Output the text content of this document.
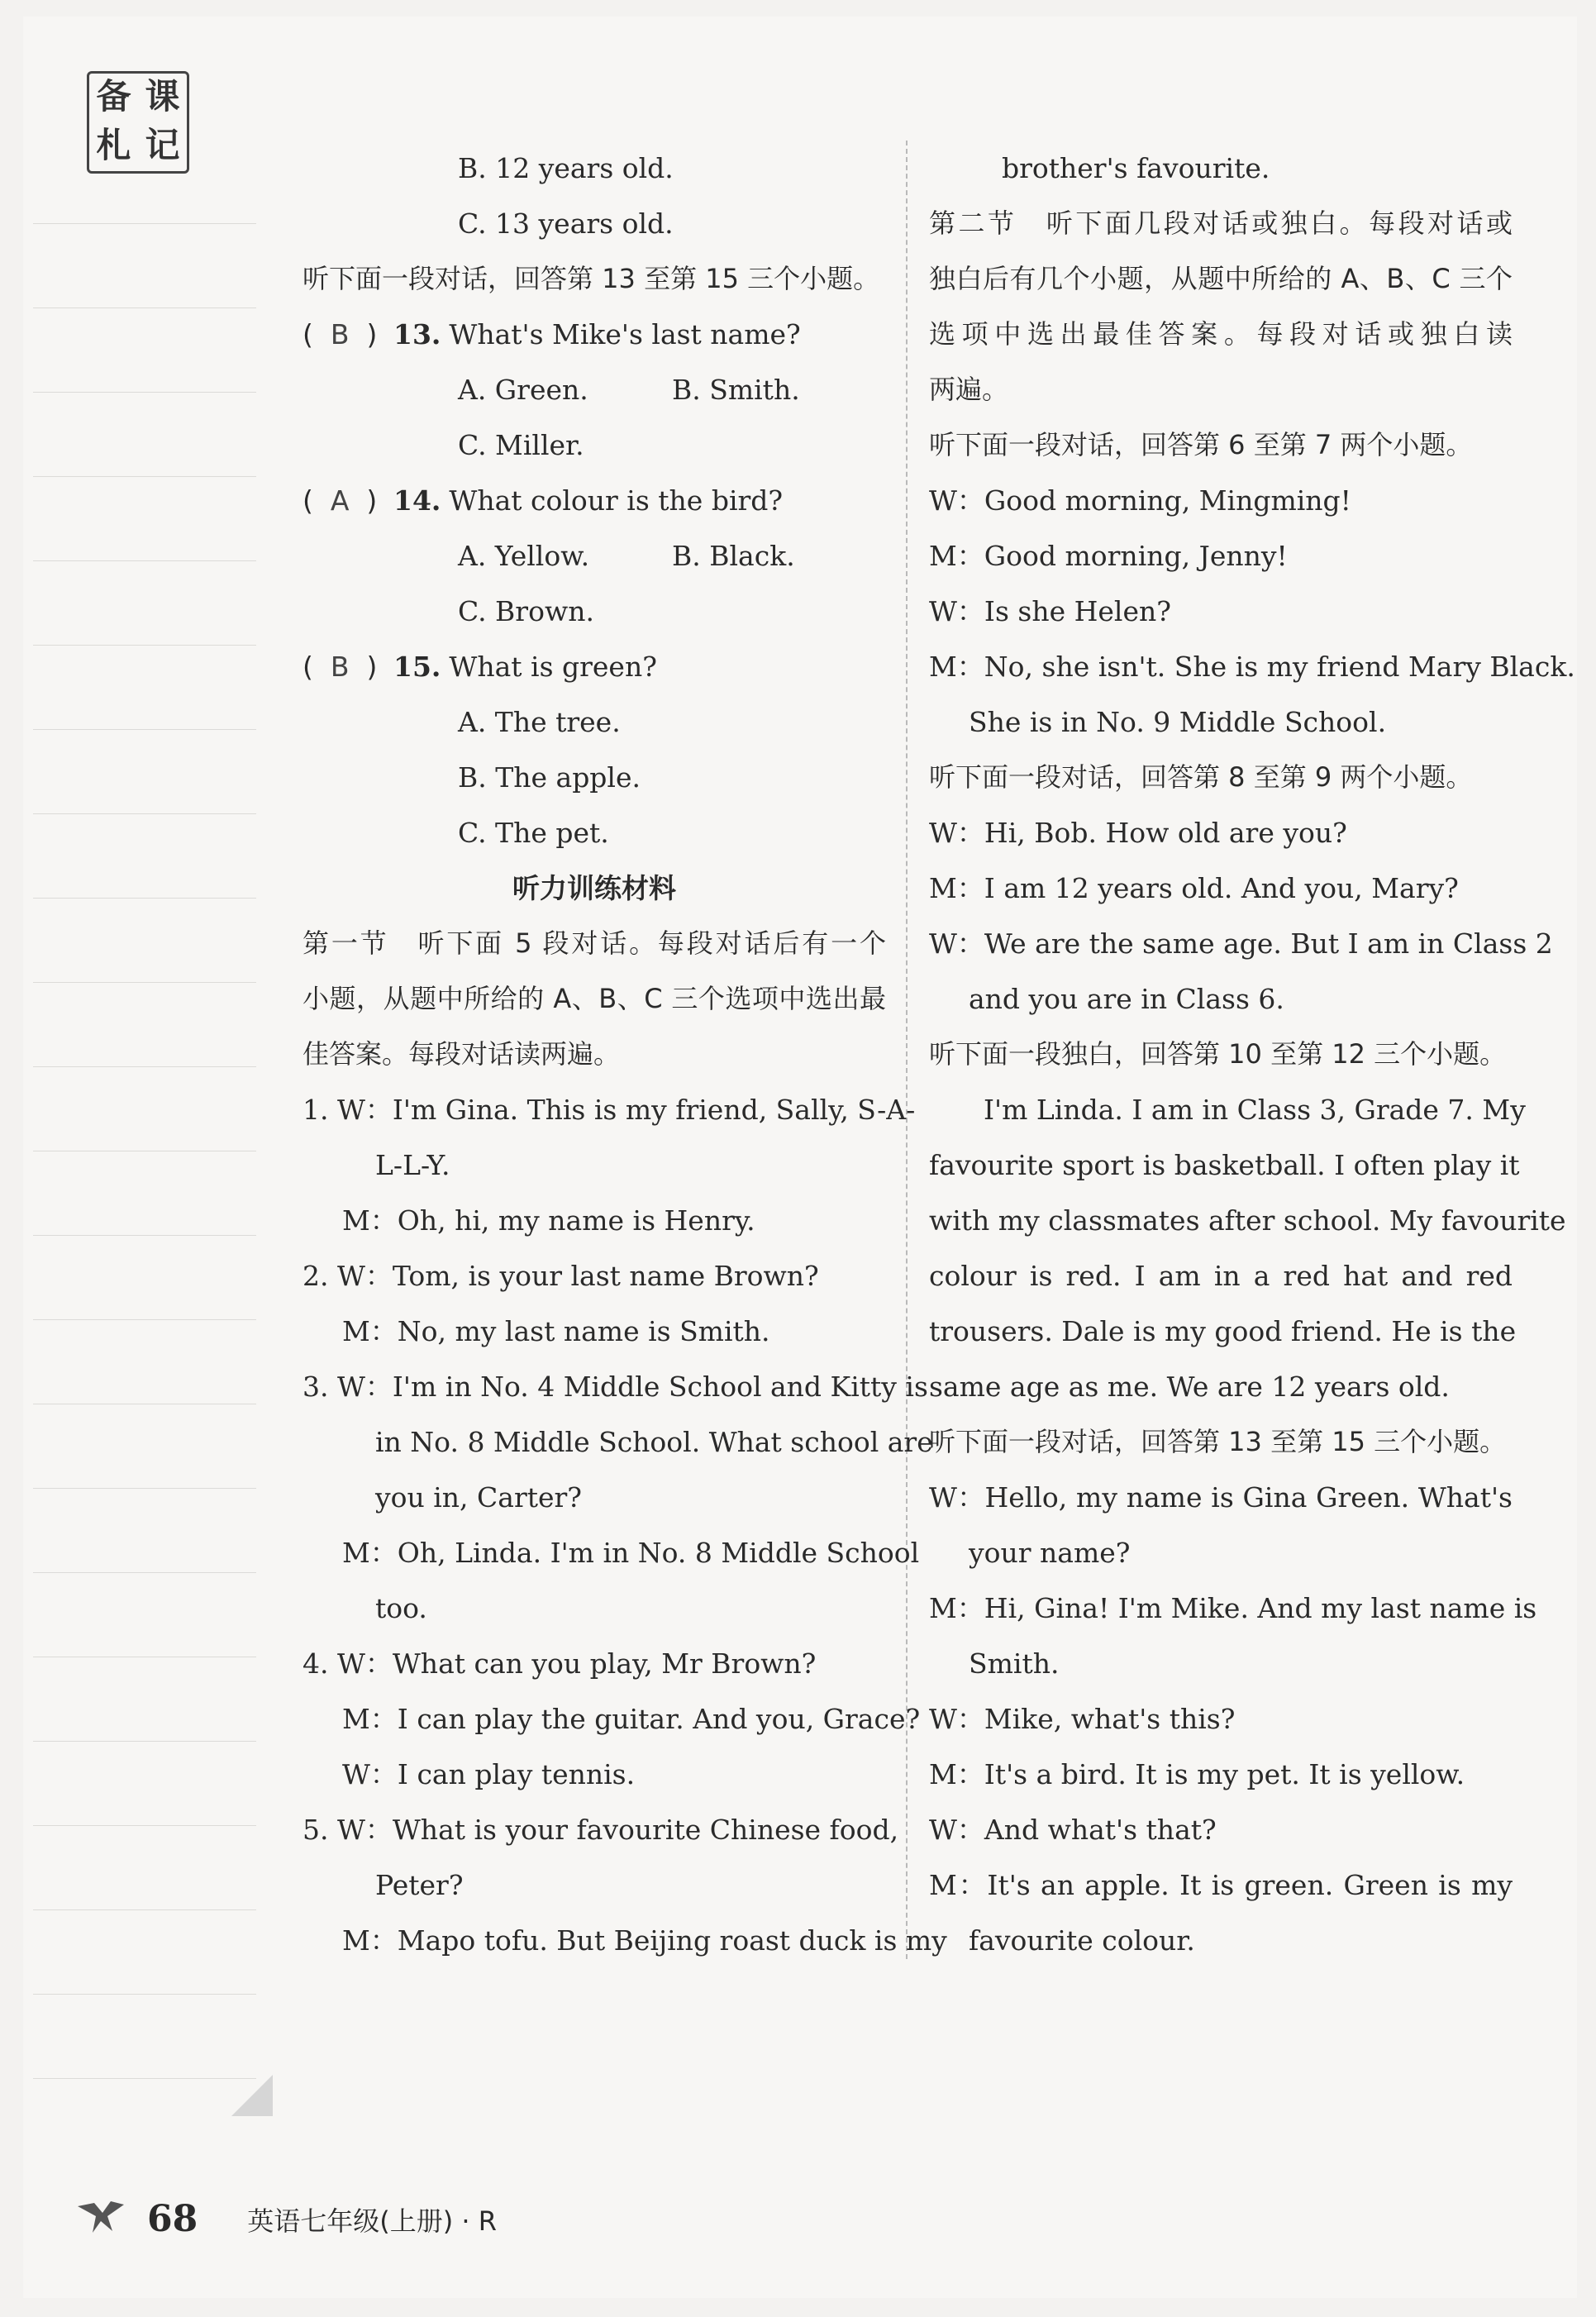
备 课
札 记
B. 12 years old.
C. 13 years old.
听下面一段对话，回答第 13 至第 15 三个小题。
(  B  ) 13. What's Mike's last name?
A. Green.	B. Smith.
C. Miller.
(  A  ) 14. What colour is the bird?
A. Yellow.	B. Black.
C. Brown.
(  B  ) 15. What is green?
A. The tree.
B. The apple.
C. The pet.
听力训练材料
第一节　听下面 5 段对话。每段对话后有一个
小题，从题中所给的 A、B、C 三个选项中选出最
佳答案。每段对话读两遍。
1. W：I'm Gina. This is my friend, Sally, S-A-
L-L-Y.
M：Oh, hi, my name is Henry.
2. W：Tom, is your last name Brown?
M：No, my last name is Smith.
3. W：I'm in No. 4 Middle School and Kitty is
in No. 8 Middle School. What school are
you in, Carter?
M：Oh, Linda. I'm in No. 8 Middle School
too.
4. W：What can you play, Mr Brown?
M：I can play the guitar. And you, Grace?
W：I can play tennis.
5. W：What is your favourite Chinese food,
Peter?
M：Mapo tofu. But Beijing roast duck is my
brother's favourite.
第二节　听下面几段对话或独白。每段对话或
独白后有几个小题，从题中所给的 A、B、C 三个
选项中选出最佳答案。每段对话或独白读
两遍。
听下面一段对话，回答第 6 至第 7 两个小题。
W：Good morning, Mingming!
M：Good morning, Jenny!
W：Is she Helen?
M：No, she isn't. She is my friend Mary Black.
She is in No. 9 Middle School.
听下面一段对话，回答第 8 至第 9 两个小题。
W：Hi, Bob. How old are you?
M：I am 12 years old. And you, Mary?
W：We are the same age. But I am in Class 2
and you are in Class 6.
听下面一段独白，回答第 10 至第 12 三个小题。
I'm Linda. I am in Class 3, Grade 7. My
favourite sport is basketball. I often play it
with my classmates after school. My favourite
colour is red. I am in a red hat and red
trousers. Dale is my good friend. He is the
same age as me. We are 12 years old.
听下面一段对话，回答第 13 至第 15 三个小题。
W：Hello, my name is Gina Green. What's
your name?
M：Hi, Gina! I'm Mike. And my last name is
Smith.
W：Mike, what's this?
M：It's a bird. It is my pet. It is yellow.
W：And what's that?
M：It's an apple. It is green. Green is my
favourite colour.
68 英语七年级(上册) · R
